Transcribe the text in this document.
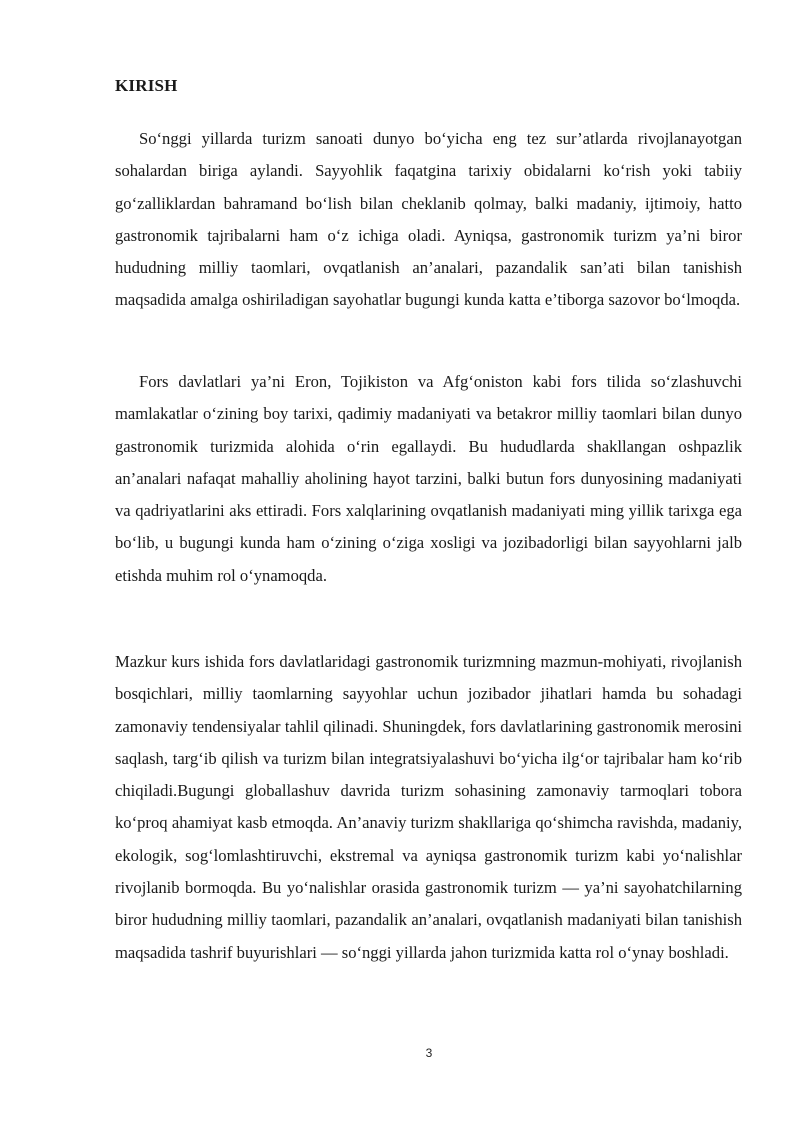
KIRISH

So‘nggi yillarda turizm sanoati dunyo bo‘yicha eng tez sur’atlarda rivojlanayotgan sohalardan biriga aylandi. Sayyohlik faqatgina tarixiy obidalarni ko‘rish yoki tabiiy go‘zalliklardan bahramand bo‘lish bilan cheklanib qolmay, balki madaniy, ijtimoiy, hatto gastronomik tajribalarni ham o‘z ichiga oladi. Ayniqsa, gastronomik turizm ya’ni biror hududning milliy taomlari, ovqatlanish an’analari, pazandalik san’ati bilan tanishish maqsadida amalga oshiriladigan sayohatlar bugungi kunda katta e’tiborga sazovor bo‘lmoqda.

Fors davlatlari ya’ni Eron, Tojikiston va Afg‘oniston kabi fors tilida so‘zlashuvchi mamlakatlar o‘zining boy tarixi, qadimiy madaniyati va betakror milliy taomlari bilan dunyo gastronomik turizmida alohida o‘rin egallaydi. Bu hududlarda shakllangan oshpazlik an’analari nafaqat mahalliy aholining hayot tarzini, balki butun fors dunyosining madaniyati va qadriyatlarini aks ettiradi. Fors xalqlarining ovqatlanish madaniyati ming yillik tarixga ega bo‘lib, u bugungi kunda ham o‘zining o‘ziga xosligi va jozibadorligi bilan sayyohlarni jalb etishda muhim rol o‘ynamoqda.

Mazkur kurs ishida fors davlatlaridagi gastronomik turizmning mazmun-mohiyati, rivojlanish bosqichlari, milliy taomlarning sayyohlar uchun jozibador jihatlari hamda bu sohadagi zamonaviy tendensiyalar tahlil qilinadi. Shuningdek, fors davlatlarining gastronomik merosini saqlash, targ‘ib qilish va turizm bilan integratsiyalashuvi bo‘yicha ilg‘or tajribalar ham ko‘rib chiqiladi.Bugungi globallashuv davrida turizm sohasining zamonaviy tarmoqlari tobora ko‘proq ahamiyat kasb etmoqda. An’anaviy turizm shakllariga qo‘shimcha ravishda, madaniy, ekologik, sog‘lomlashtiruvchi, ekstremal va ayniqsa gastronomik turizm kabi yo‘nalishlar rivojlanib bormoqda. Bu yo‘nalishlar orasida gastronomik turizm — ya’ni sayohatchilarning biror hududning milliy taomlari, pazandalik an’analari, ovqatlanish madaniyati bilan tanishish maqsadida tashrif buyurishlari — so‘nggi yillarda jahon turizmida katta rol o‘ynay boshladi.

3
